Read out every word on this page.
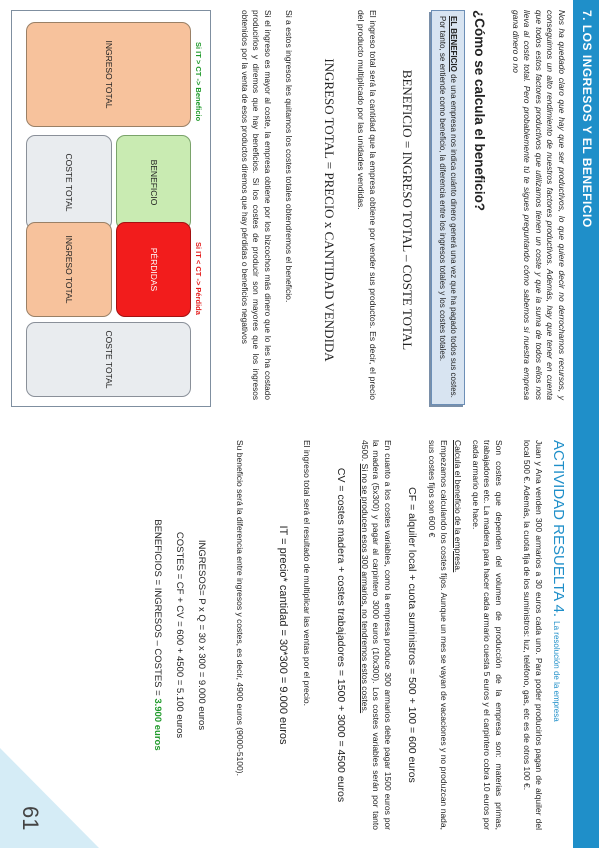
7. LOS INGRESOS Y EL BENEFICIO

Nos ha quedado claro que hay que ser productivos, lo que quiere decir no derrochamos recursos, y conseguimos un alto rendimiento de nuestros factores productivos. Además, hay que tener en cuenta que todos estos factores productivos que utilizamos tienen un coste y que la suma de todos ellos nos lleva al coste total. Pero probablemente tú te sigues preguntando cómo sabemos si nuestra empresa gana dinero o no

¿Cómo se calcula el beneficio?
EL BENEFICIO de una empresa nos indica cuánto dinero generá una vez que ha pagado todos sus costes. Por tanto, se entiende como beneficio, la diferencia entre los ingresos totales y los costes totales.
BENEFICIO = INGRESO TOTAL – COSTE TOTAL
El ingreso total será la cantidad que la empresa obtiene por vender sus productos. Es decir, el precio del producto multiplicado por las unidades vendidas.
INGRESO TOTAL = PRECIO x CANTIDAD VENDIDA
Si a estos ingresos les quitamos los costes totales obtendremos el beneficio.
Si el ingreso es mayor al coste, la empresa obtiene por los bizcochos más dinero que lo les ha costado producirlos y diremos que hay beneficios. Si los costes de producir son mayores que los ingresos obtenidos por la venta de esos productos diremos que hay pérdidas o beneficios negativos
Si IT > CT -> Beneficio
Si IT < CT -> Pérdida
INGRESO TOTAL
BENEFICIO
COSTE TOTAL
PÉRDIDAS
INGRESO TOTAL
COSTE TOTAL
ACTIVIDAD RESUELTA 4. La resolución de la empresa

Juan y Ana venden 300 armarios a 30 euros cada uno. Para poder producirlos pagan de alquiler del local 500 €. Además, la cuota fija de los suministros: luz, teléfono, gas, etc es de otros 100 €.

Son costes que dependen del volumen de producción de la empresa son: materias primas, trabajadores etc. La madera para hacer cada armario cuesta 5 euros y el carpintero cobra 10 euros por cada armario que hace.

Calcula el beneficio de la empresa.

Empezamos calculando los costes fijos. Aunque un mes se vayan de vacaciones y no produzcan nada, sus costes fijos son 600 €

CF = alquiler local + cuota suministros = 500 + 100 = 600 euros

En cuanto a los costes variables, como la empresa produce 300 armarios debe pagar 1500 euros por la madera (5x300) y pagar al carpintero 3000 euros (10x300). Los costes variables serán por tanto 4500. Si no se producen esos 300 armarios, no tendremos estos costes.

CV = costes madera + costes trabajadores = 1500 + 3000 = 4500 euros

El ingreso total será el resultado de multiplicar las ventas por el precio.

IT = precio* cantidad = 30*300 = 9.000 euros

Su beneficio será la diferencia entre ingresos y costes, es decir, 4900 euros (9000-5100).

INGRESOS= P x Q = 30 x 300 = 9.000 euros
COSTES = CF + CV = 600 + 4500 = 5.100 euros
BENEFICIOS = INGRESOS – COSTES = 3.900 euros
61
